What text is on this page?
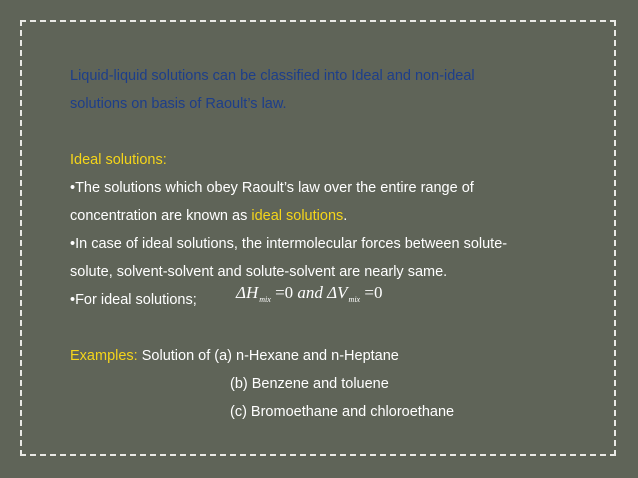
Liquid-liquid solutions can be classified into Ideal and non-ideal
solutions on basis of Raoult’s law.
Ideal solutions:
•The solutions which obey Raoult’s law over the entire range of
concentration are known as ideal solutions.
•In case of ideal solutions, the intermolecular forces between solute-
solute, solvent-solvent and solute-solvent are nearly same.
•For ideal solutions;
Examples: Solution of (a) n-Hexane and n-Heptane
(b) Benzene and toluene
(c) Bromoethane and chloroethane
$\Delta H_{mix} =0$ and $\Delta V_{mix} =0$
